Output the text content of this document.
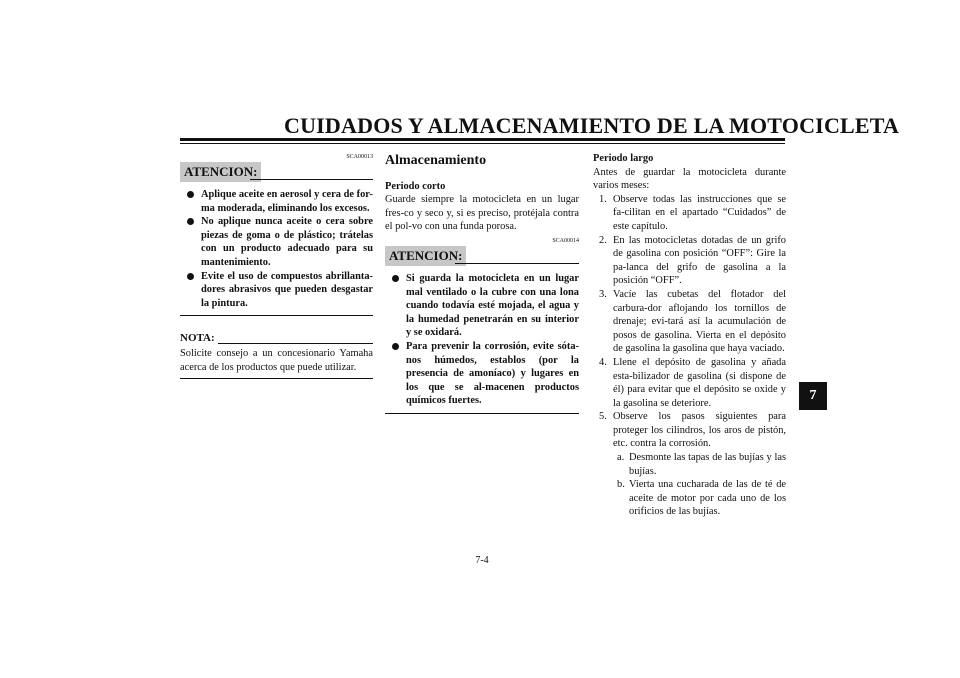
CUIDADOS Y ALMACENAMIENTO DE LA MOTOCICLETA
SCA00013
ATENCION:
Aplique aceite en aerosol y cera de for-ma moderada, eliminando los excesos.
No aplique nunca aceite o cera sobre piezas de goma o de plástico; trátelas con un producto adecuado para su mantenimiento.
Evite el uso de compuestos abrillanta-dores abrasivos que pueden desgastar la pintura.
NOTA:
Solicite consejo a un concesionario Yamaha acerca de los productos que puede utilizar.
Almacenamiento
Periodo corto
Guarde siempre la motocicleta en un lugar fres-co y seco y, si es preciso, protéjala contra el pol-vo con una funda porosa.
SCA00014
ATENCION:
Si guarda la motocicleta en un lugar mal ventilado o la cubre con una lona cuando todavía esté mojada, el agua y la humedad penetrarán en su interior y se oxidará.
Para prevenir la corrosión, evite sóta-nos húmedos, establos (por la presencia de amoníaco) y lugares en los que se al-macenen productos químicos fuertes.
Periodo largo
Antes de guardar la motocicleta durante varios meses:
1. Observe todas las instrucciones que se fa-cilitan en el apartado “Cuidados” de este capítulo.
2. En las motocicletas dotadas de un grifo de gasolina con posición “OFF”: Gire la pa-lanca del grifo de gasolina a la posición “OFF”.
3. Vacíe las cubetas del flotador del carbura-dor aflojando los tornillos de drenaje; evi-tará así la acumulación de posos de gasolina. Vierta en el depósito de gasolina la gasolina que haya vaciado.
4. Llene el depósito de gasolina y añada esta-bilizador de gasolina (si dispone de él) para evitar que el depósito se oxide y la gasolina se deteriore.
5. Observe los pasos siguientes para proteger los cilindros, los aros de pistón, etc. contra la corrosión.
a. Desmonte las tapas de las bujías y las bujías.
b. Vierta una cucharada de las de té de aceite de motor por cada uno de los orificios de las bujías.
7
7-4
